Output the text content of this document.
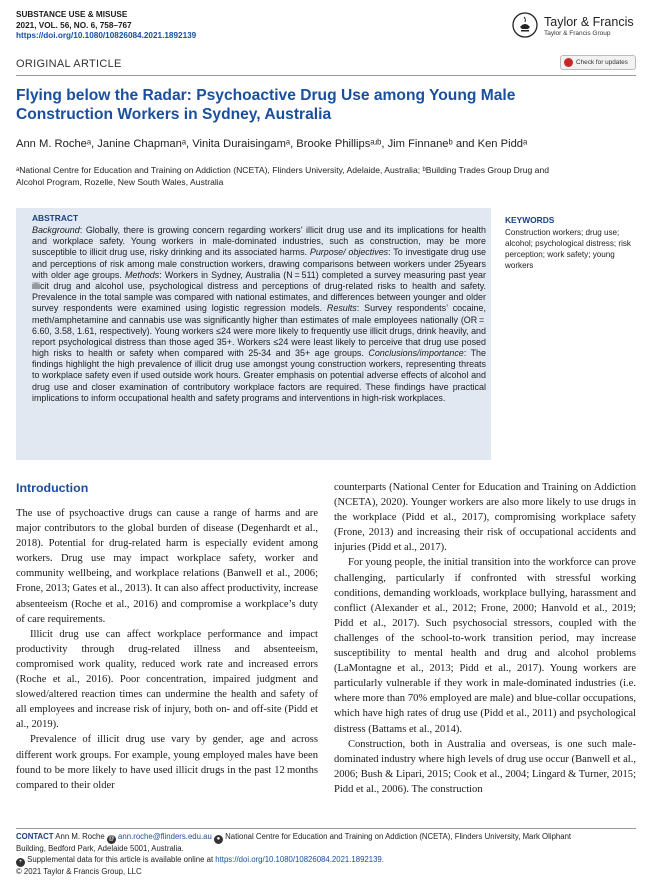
SUBSTANCE USE & MISUSE
2021, VOL. 56, NO. 6, 758–767
https://doi.org/10.1080/10826084.2021.1892139
Taylor & Francis
Taylor & Francis Group
ORIGINAL ARTICLE	Check for updates
Flying below the Radar: Psychoactive Drug Use among Young Male
Construction Workers in Sydney, Australia
Ann M. Rocheᵃ, Janine Chapmanᵃ, Vinita Duraisingamᵃ, Brooke Phillipsᵃʴᵇ, Jim Finnaneᵇ and Ken Piddᵃ
ᵃNational Centre for Education and Training on Addiction (NCETA), Flinders University, Adelaide, Australia; ᵇBuilding Trades Group Drug and
Alcohol Program, Rozelle, New South Wales, Australia
ABSTRACT
Background: Globally, there is growing concern regarding workers’ illicit drug use and its implications for health and workplace safety. Young workers in male-dominated industries, such as construction, may be more susceptible to illicit drug use, risky drinking and its associated harms. Purpose/ objectives: To investigate drug use and perceptions of risk among male construction workers, drawing comparisons between workers under 25years with older age groups. Methods: Workers in Sydney, Australia (N = 511) completed a survey measuring past year illicit drug and alcohol use, psychological distress and perceptions of drug-related risks to health and safety. Prevalence in the total sample was compared with national estimates, and differences between younger and older survey respondents were examined using logistic regression models. Results: Survey respondents’ cocaine, meth/amphetamine and cannabis use was significantly higher than estimates of male employees nationally (OR = 6.60, 3.58, 1.61, respectively). Young workers ≤24 were more likely to frequently use illicit drugs, drink heavily, and report psychological distress than those aged 35+. Workers ≤24 were least likely to perceive that drug use posed high risks to health or safety when compared with 25-34 and 35+ age groups. Conclusions/importance: The findings highlight the high prevalence of illicit drug use amongst young construction workers, representing threats to workplace safety even if used outside work hours. Greater emphasis on potential adverse effects of alcohol and drug use and closer examination of contributory workplace factors are required. These findings have practical implications to inform occupational health and safety programs and interventions in high-risk workplaces.
KEYWORDS
Construction workers; drug use; alcohol; psychological distress; risk perception; work safety; young workers
Introduction

The use of psychoactive drugs can cause a range of harms and are major contributors to the global burden of disease (Degenhardt et al., 2018). Potential for drug-related harm is especially evident among workers. Drug use may impact workplace safety, worker and community wellbeing, and workplace relations (Banwell et al., 2006; Frone, 2013; Gates et al., 2013). It can also affect productivity, increase absenteeism (Roche et al., 2016) and compromise a workplace’s duty of care requirements.

Illicit drug use can affect workplace performance and impact productivity through drug-related illness and absenteeism, compromised work quality, reduced work rate and increased errors (Roche et al., 2016). Poor concentration, impaired judgment and slowed/altered reaction times can undermine the health and safety of all employees and increase risk of injury, both on- and off-site (Pidd et al., 2019).

Prevalence of illicit drug use vary by gender, age and across different work groups. For example, young employed males have been found to be more likely to have used illicit drugs in the past 12 months compared to their older

counterparts (National Center for Education and Training on Addiction (NCETA), 2020). Younger workers are also more likely to use drugs in the workplace (Pidd et al., 2017), compromising workplace safety (Frone, 2013) and increasing their risk of occupational accidents and injuries (Pidd et al., 2017).

For young people, the initial transition into the workforce can prove challenging, particularly if confronted with stressful working conditions, demanding workloads, workplace bullying, harassment and conflict (Alexander et al., 2012; Frone, 2000; Hanvold et al., 2019; Pidd et al., 2017). Such psychosocial stressors, coupled with the challenges of the school-to-work transition period, may increase susceptibility to mental health and drug and alcohol problems (LaMontagne et al., 2013; Pidd et al., 2017). Young workers are particularly vulnerable if they work in male-dominated industries (i.e. where more than 70% employed are male) and blue-collar occupations, which have high rates of drug use (Pidd et al., 2011) and psychological distress (Battams et al., 2014).

Construction, both in Australia and overseas, is one such male-dominated industry where high levels of drug use occur (Banwell et al., 2006; Bush & Lipari, 2015; Cook et al., 2004; Lingard & Turner, 2015; Pidd et al., 2006). The construction

CONTACT Ann M. Roche @ ann.roche@flinders.edu.au ● National Centre for Education and Training on Addiction (NCETA), Flinders University, Mark Oliphant
Building, Bedford Park, Adelaide 5001, Australia.
+ Supplemental data for this article is available online at https://doi.org/10.1080/10826084.2021.1892139.
© 2021 Taylor & Francis Group, LLC
